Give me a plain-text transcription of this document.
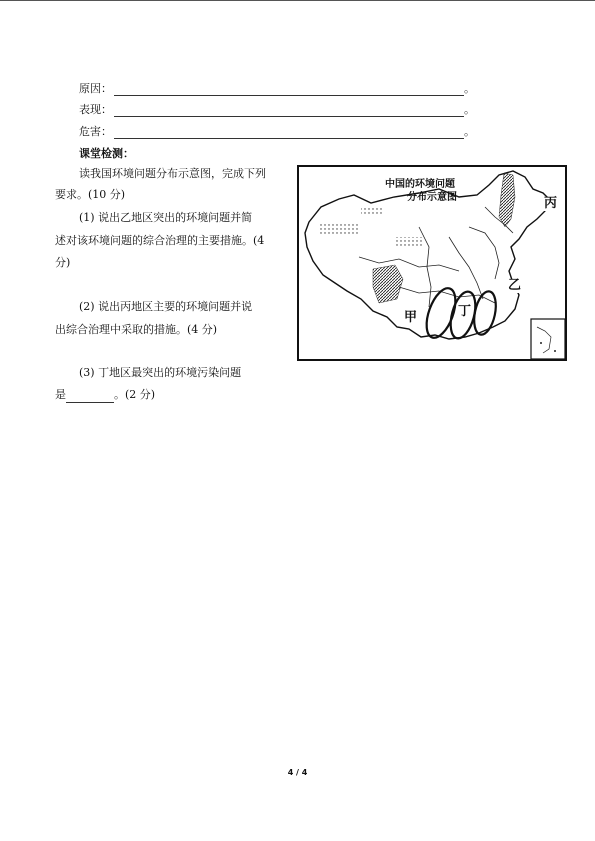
原因：	。
表现：	。
危害：	。
课堂检测：
读我国环境问题分布示意图，完成下列
要求。(10 分)
(1) 说出乙地区突出的环境问题并简
述对该环境问题的综合治理的主要措施。(4
分)
(2) 说出丙地区主要的环境问题并说
出综合治理中采取的措施。(4 分)
(3) 丁地区最突出的环境污染问题
是	。(2 分)
中国的环境问题
分布示意图	丙
乙
甲	丁
4 / 4
